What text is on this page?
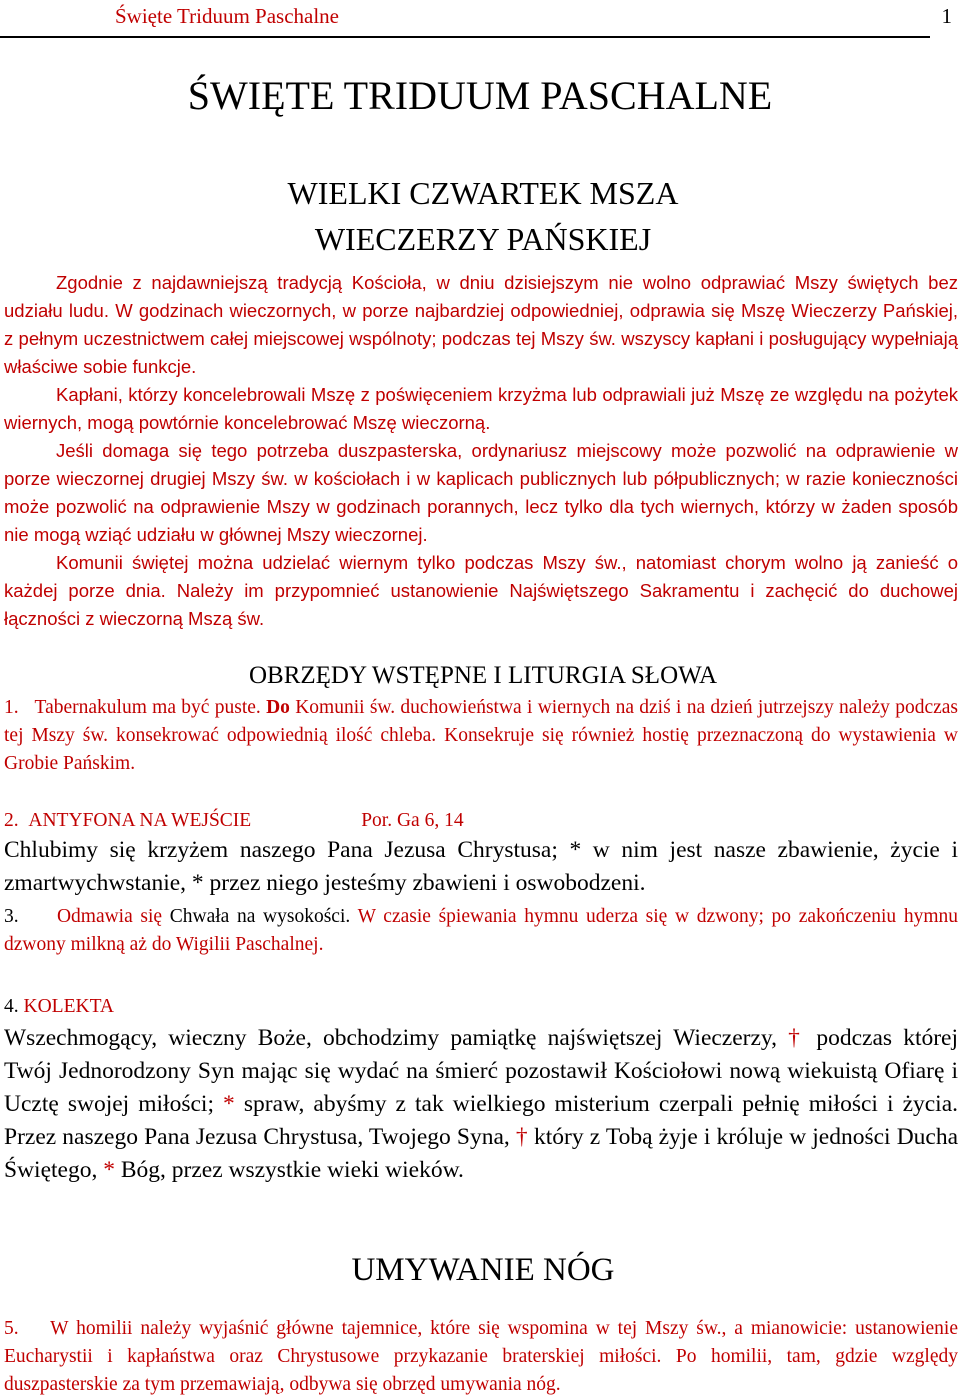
Święte Triduum Paschalne	1
ŚWIĘTE TRIDUUM PASCHALNE
WIELKI CZWARTEK MSZA
WIECZERZY PAŃSKIEJ

Zgodnie z najdawniejszą tradycją Kościoła, w dniu dzisiejszym nie wolno odprawiać Mszy świętych bez udziału ludu. W godzinach wieczornych, w porze najbardziej odpowiedniej, odprawia się Mszę Wieczerzy Pańskiej, z pełnym uczestnictwem całej miejscowej wspólnoty; podczas tej Mszy św. wszyscy kapłani i posługujący wypełniają właściwe sobie funkcje.

Kapłani, którzy koncelebrowali Mszę z poświęceniem krzyżma lub odprawiali już Mszę ze względu na pożytek wiernych, mogą powtórnie koncelebrować Mszę wieczorną.

Jeśli domaga się tego potrzeba duszpasterska, ordynariusz miejscowy może pozwolić na odprawienie w porze wieczornej drugiej Mszy św. w kościołach i w kaplicach publicznych lub półpublicznych; w razie konieczności może pozwolić na odprawienie Mszy w godzinach porannych, lecz tylko dla tych wiernych, którzy w żaden sposób nie mogą wziąć udziału w głównej Mszy wieczornej.

Komunii świętej można udzielać wiernym tylko podczas Mszy św., natomiast chorym wolno ją zanieść o każdej porze dnia. Należy im przypomnieć ustanowienie Najświętszego Sakramentu i zachęcić do duchowej łączności z wieczorną Mszą św.

OBRZĘDY WSTĘPNE I LITURGIA SŁOWA

1. Tabernakulum ma być puste. Do Komunii św. duchowieństwa i wiernych na dziś i na dzień jutrzejszy należy podczas tej Mszy św. konsekrować odpowiednią ilość chleba. Konsekruje się również hostię przeznaczoną do wystawienia w Grobie Pańskim.

2. ANTYFONA NA WEJŚCIE	Por. Ga 6, 14

Chlubimy się krzyżem naszego Pana Jezusa Chrystusa; * w nim jest nasze zbawienie, życie i zmartwychwstanie, * przez niego jesteśmy zbawieni i oswobodzeni.

3. Odmawia się Chwała na wysokości. W czasie śpiewania hymnu uderza się w dzwony; po zakończeniu hymnu dzwony milkną aż do Wigilii Paschalnej.

4. KOLEKTA

Wszechmogący, wieczny Boże, obchodzimy pamiątkę najświętszej Wieczerzy, † podczas której Twój Jednorodzony Syn mając się wydać na śmierć pozostawił Kościołowi nową wiekuistą Ofiarę i Ucztę swojej miłości; * spraw, abyśmy z tak wielkiego misterium czerpali pełnię miłości i życia. Przez naszego Pana Jezusa Chrystusa, Twojego Syna, † który z Tobą żyje i króluje w jedności Ducha Świętego, * Bóg, przez wszystkie wieki wieków.

UMYWANIE NÓG

5. W homilii należy wyjaśnić główne tajemnice, które się wspomina w tej Mszy św., a mianowicie: ustanowienie Eucharystii i kapłaństwa oraz Chrystusowe przykazanie braterskiej miłości. Po homilii, tam, gdzie względy duszpasterskie za tym przemawiają, odbywa się obrzęd umywania nóg.
